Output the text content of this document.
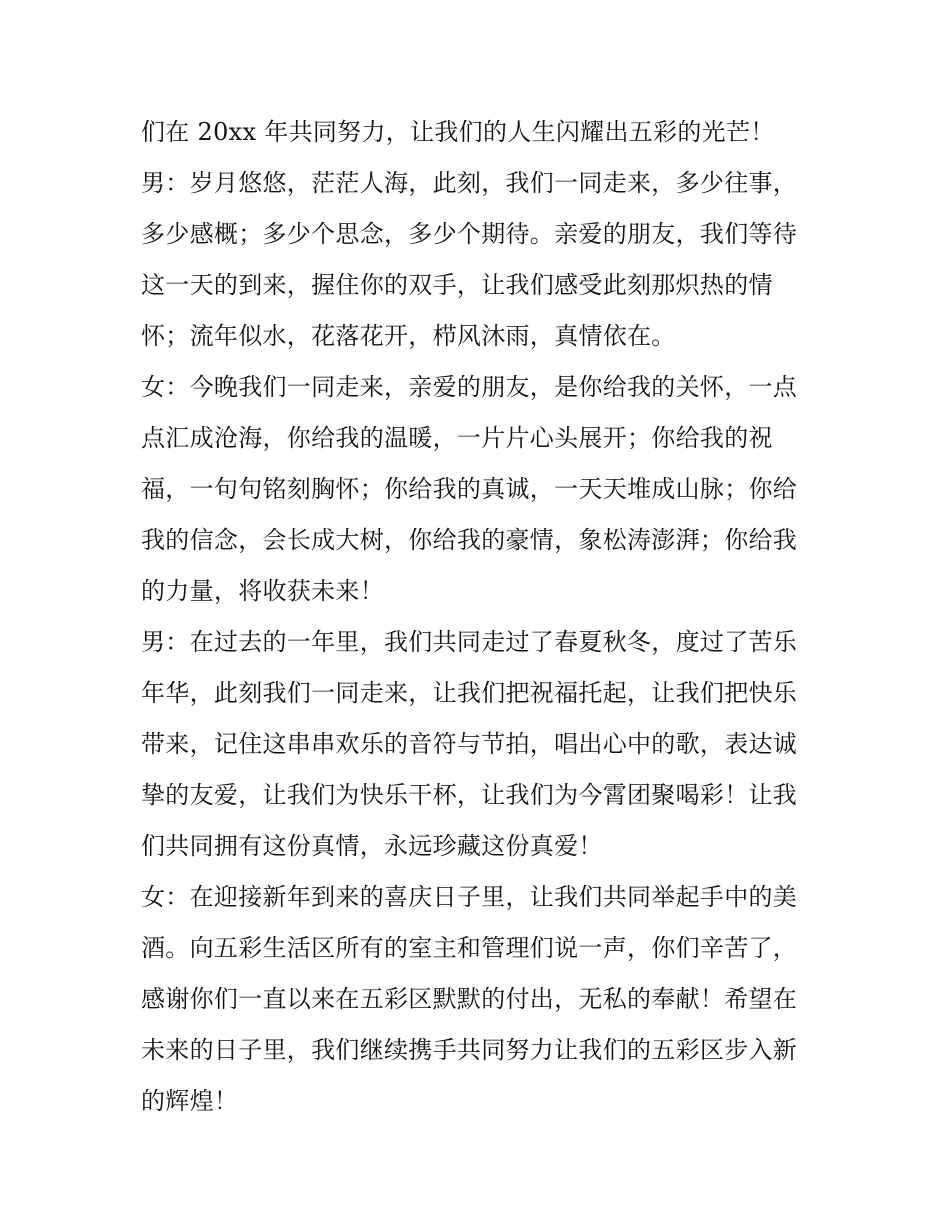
们在 20xx 年共同努力，让我们的人生闪耀出五彩的光芒！
男：岁月悠悠，茫茫人海，此刻，我们一同走来，多少往事，
多少感概；多少个思念，多少个期待。亲爱的朋友，我们等待
这一天的到来，握住你的双手，让我们感受此刻那炽热的情
怀；流年似水，花落花开，栉风沐雨，真情依在。
女：今晚我们一同走来，亲爱的朋友，是你给我的关怀，一点
点汇成沧海，你给我的温暖，一片片心头展开；你给我的祝
福，一句句铭刻胸怀；你给我的真诚，一天天堆成山脉；你给
我的信念，会长成大树，你给我的豪情，象松涛澎湃；你给我
的力量，将收获未来！
男：在过去的一年里，我们共同走过了春夏秋冬，度过了苦乐
年华，此刻我们一同走来，让我们把祝福托起，让我们把快乐
带来，记住这串串欢乐的音符与节拍，唱出心中的歌，表达诚
挚的友爱，让我们为快乐干杯，让我们为今霄团聚喝彩！让我
们共同拥有这份真情，永远珍藏这份真爱！
女：在迎接新年到来的喜庆日子里，让我们共同举起手中的美
酒。向五彩生活区所有的室主和管理们说一声，你们辛苦了，
感谢你们一直以来在五彩区默默的付出，无私的奉献！希望在
未来的日子里，我们继续携手共同努力让我们的五彩区步入新
的辉煌！
